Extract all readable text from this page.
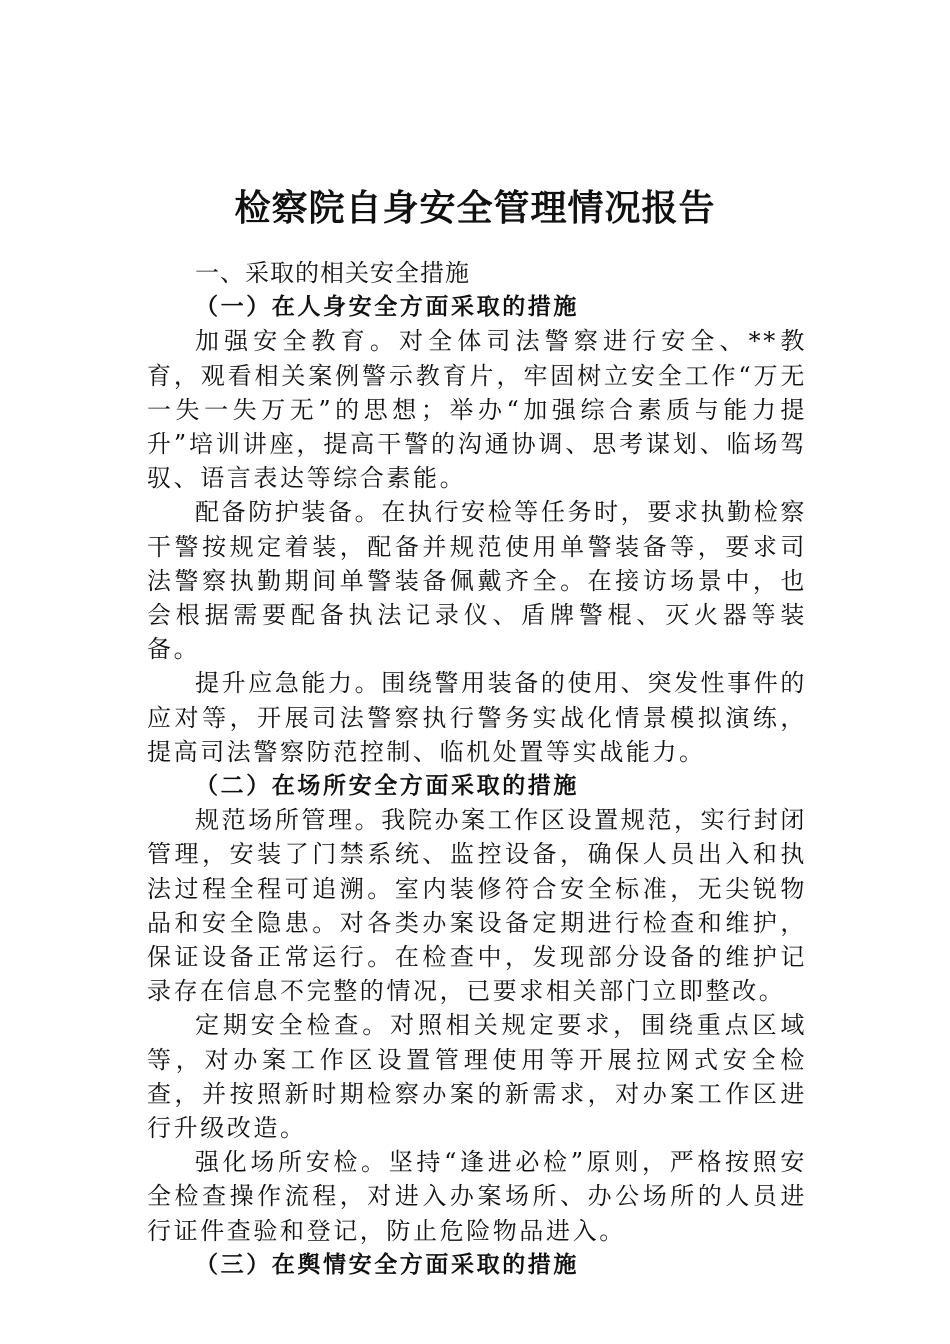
检察院自身安全管理情况报告
一、采取的相关安全措施
（一）在人身安全方面采取的措施

加强安全教育。对全体司法警察进行安全、**教育，观看相关案例警示教育片，牢固树立安全工作“万无一失一失万无”的思想；举办“加强综合素质与能力提升”培训讲座，提高干警的沟通协调、思考谋划、临场驾驭、语言表达等综合素能。

配备防护装备。在执行安检等任务时，要求执勤检察干警按规定着装，配备并规范使用单警装备等，要求司法警察执勤期间单警装备佩戴齐全。在接访场景中，也会根据需要配备执法记录仪、盾牌警棍、灭火器等装备。

提升应急能力。围绕警用装备的使用、突发性事件的应对等，开展司法警察执行警务实战化情景模拟演练，提高司法警察防范控制、临机处置等实战能力。

（二）在场所安全方面采取的措施

规范场所管理。我院办案工作区设置规范，实行封闭管理，安装了门禁系统、监控设备，确保人员出入和执法过程全程可追溯。室内装修符合安全标准，无尖锐物品和安全隐患。对各类办案设备定期进行检查和维护，保证设备正常运行。在检查中，发现部分设备的维护记录存在信息不完整的情况，已要求相关部门立即整改。

定期安全检查。对照相关规定要求，围绕重点区域等，对办案工作区设置管理使用等开展拉网式安全检查，并按照新时期检察办案的新需求，对办案工作区进行升级改造。

强化场所安检。坚持“逢进必检”原则，严格按照安全检查操作流程，对进入办案场所、办公场所的人员进行证件查验和登记，防止危险物品进入。

（三）在舆情安全方面采取的措施
